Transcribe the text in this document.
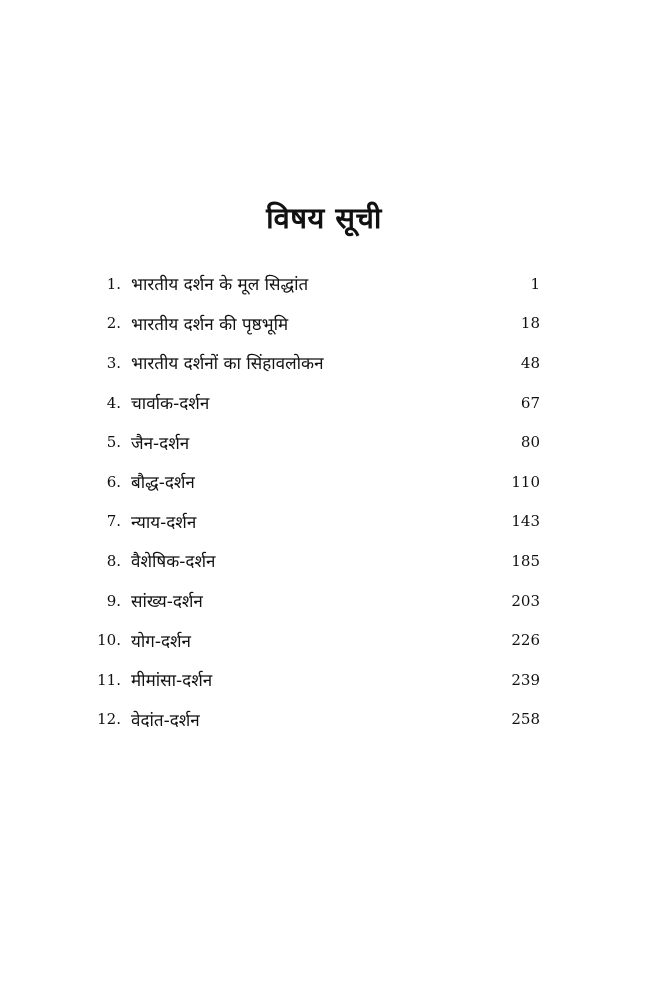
विषय सूची
1. भारतीय दर्शन के मूल सिद्धांत	1
2. भारतीय दर्शन की पृष्ठभूमि	18
3. भारतीय दर्शनों का सिंहावलोकन	48
4. चार्वाक-दर्शन	67
5. जैन-दर्शन	80
6. बौद्ध-दर्शन	110
7. न्याय-दर्शन	143
8. वैशेषिक-दर्शन	185
9. सांख्य-दर्शन	203
10. योग-दर्शन	226
11. मीमांसा-दर्शन	239
12. वेदांत-दर्शन	258
